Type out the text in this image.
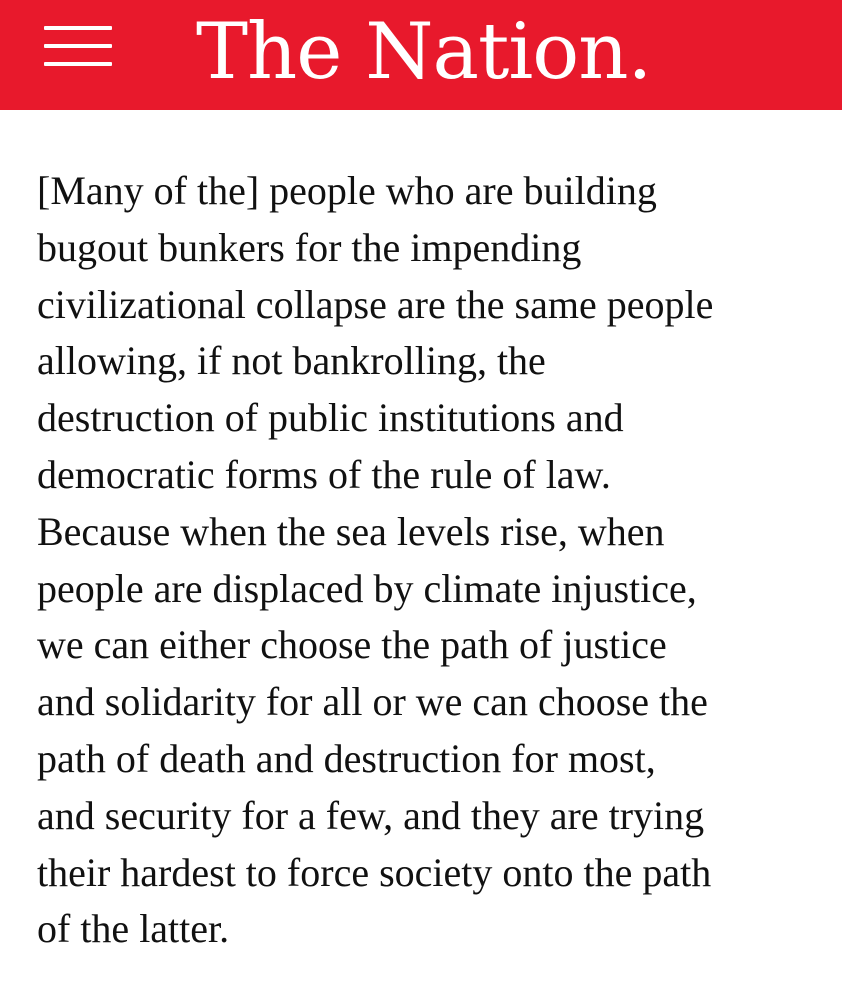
The Nation.

[Many of the] people who are building
bugout bunkers for the impending
civilizational collapse are the same people
allowing, if not bankrolling, the
destruction of public institutions and
democratic forms of the rule of law.
Because when the sea levels rise, when
people are displaced by climate injustice,
we can either choose the path of justice
and solidarity for all or we can choose the
path of death and destruction for most,
and security for a few, and they are trying
their hardest to force society onto the path
of the latter.
